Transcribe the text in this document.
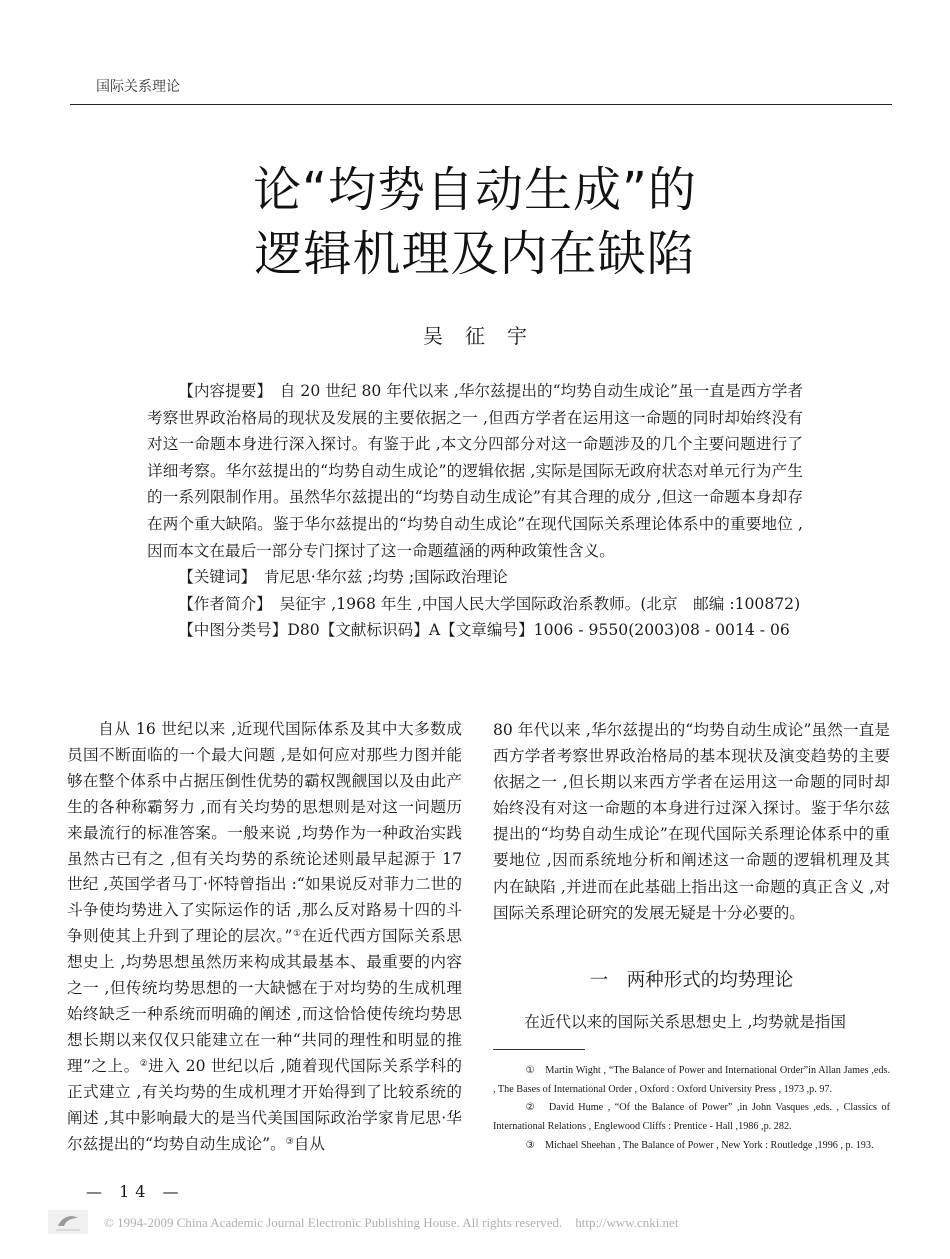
国际关系理论
论“均势自动生成”的
逻辑机理及内在缺陷
吴征宇

【内容提要】　 自 20 世纪 80 年代以来 ,华尔兹提出的“均势自动生成论”虽一直是西方学者考察世界政治格局的现状及发展的主要依据之一 ,但西方学者在运用这一命题的同时却始终没有对这一命题本身进行深入探讨。有鉴于此 ,本文分四部分对这一命题涉及的几个主要问题进行了详细考察。华尔兹提出的“均势自动生成论”的逻辑依据 ,实际是国际无政府状态对单元行为产生的一系列限制作用。虽然华尔兹提出的“均势自动生成论”有其合理的成分 ,但这一命题本身却存在两个重大缺陷。鉴于华尔兹提出的“均势自动生成论”在现代国际关系理论体系中的重要地位 ,因而本文在最后一部分专门探讨了这一命题蕴涵的两种政策性含义。

【关键词】　 肯尼思·华尔兹 ;均势 ;国际政治理论

【作者简介】　 吴征宇 ,1968 年生 ,中国人民大学国际政治系教师。(北京　邮编 :100872)

【中图分类号】D80【文献标识码】A【文章编号】1006 - 9550(2003)08 - 0014 - 06

自从 16 世纪以来 ,近现代国际体系及其中大多数成员国不断面临的一个最大问题 ,是如何应对那些力图并能够在整个体系中占据压倒性优势的霸权觊觎国以及由此产生的各种称霸努力 ,而有关均势的思想则是对这一问题历来最流行的标准答案。一般来说 ,均势作为一种政治实践虽然古已有之 ,但有关均势的系统论述则最早起源于 17 世纪 ,英国学者马丁·怀特曾指出 :“如果说反对菲力二世的斗争使均势进入了实际运作的话 ,那么反对路易十四的斗争则使其上升到了理论的层次。”①在近代西方国际关系思想史上 ,均势思想虽然历来构成其最基本、最重要的内容之一 ,但传统均势思想的一大缺憾在于对均势的生成机理始终缺乏一种系统而明确的阐述 ,而这恰恰使传统均势思想长期以来仅仅只能建立在一种“共同的理性和明显的推理”之上。②进入 20 世纪以后 ,随着现代国际关系学科的正式建立 ,有关均势的生成机理才开始得到了比较系统的阐述 ,其中影响最大的是当代美国国际政治学家肯尼思·华尔兹提出的“均势自动生成论”。③自从

80 年代以来 ,华尔兹提出的“均势自动生成论”虽然一直是西方学者考察世界政治格局的基本现状及演变趋势的主要依据之一 ,但长期以来西方学者在运用这一命题的同时却始终没有对这一命题的本身进行过深入探讨。鉴于华尔兹提出的“均势自动生成论”在现代国际关系理论体系中的重要地位 ,因而系统地分析和阐述这一命题的逻辑机理及其内在缺陷 ,并进而在此基础上指出这一命题的真正含义 ,对国际关系理论研究的发展无疑是十分必要的。

一　两种形式的均势理论
在近代以来的国际关系思想史上 ,均势就是指国

①　 Martin Wight , “The Balance of Power and International Order”in Allan James ,eds. , The Bases of International Order , Oxford : Oxford University Press , 1973 ,p. 97.

②　 David Hume , “Of the Balance of Power” ,in John Vasques ,eds. , Classics of International Relations , Englewood Cliffs : Prentice - Hall ,1986 ,p. 282.

③　 Michael Sheehan , The Balance of Power , New York : Routledge ,1996 , p. 193.

— 14 —
© 1994-2009 China Academic Journal Electronic Publishing House. All rights reserved.    http://www.cnki.net
